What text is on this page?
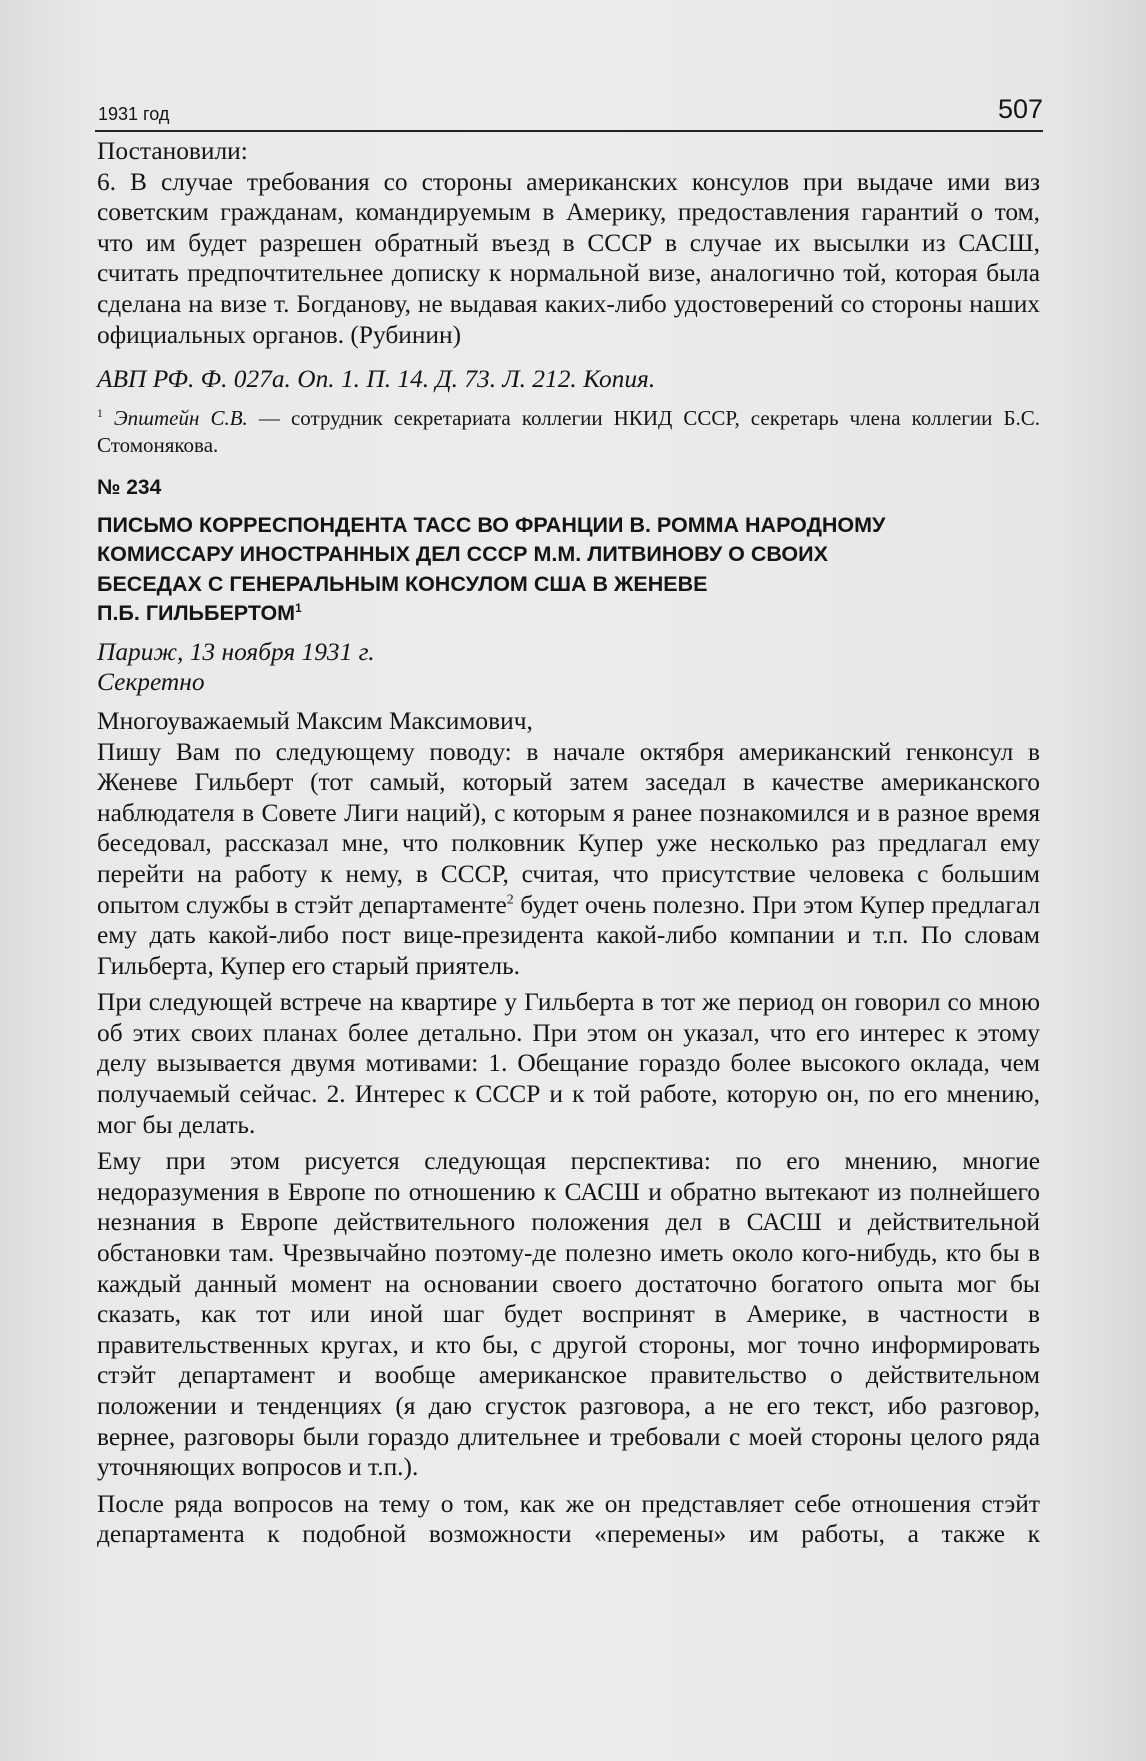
1931 год	507

Постановили:

6. В случае требования со стороны американских консулов при выдаче ими виз советским гражданам, командируемым в Америку, предоставления гарантий о том, что им будет разрешен обратный въезд в СССР в случае их высылки из САСШ, считать предпочтительнее дописку к нормальной визе, аналогично той, которая была сделана на визе т. Богданову, не выдавая каких-либо удостоверений со стороны наших официальных органов. (Рубинин)

АВП РФ. Ф. 027а. Оп. 1. П. 14. Д. 73. Л. 212. Копия.

$^1$ Эпштейн С.В. — сотрудник секретариата коллегии НКИД СССР, секретарь члена коллегии Б.С. Стомонякова.

№ 234
ПИСЬМО КОРРЕСПОНДЕНТА ТАСС ВО ФРАНЦИИ В. РОММА НАРОДНОМУ
КОМИССАРУ ИНОСТРАННЫХ ДЕЛ СССР М.М. ЛИТВИНОВУ О СВОИХ
БЕСЕДАХ С ГЕНЕРАЛЬНЫМ КОНСУЛОМ США В ЖЕНЕВЕ
П.Б. ГИЛЬБЕРТОМ$^1$

Париж, 13 ноября 1931 г.

Секретно

Многоуважаемый Максим Максимович,

Пишу Вам по следующему поводу: в начале октября американский генконсул в Женеве Гильберт (тот самый, который затем заседал в качестве американского наблюдателя в Совете Лиги наций), с которым я ранее познакомился и в разное время беседовал, рассказал мне, что полковник Купер уже несколько раз предлагал ему перейти на работу к нему, в СССР, считая, что присутствие человека с большим опытом службы в стэйт департаменте$^2$ будет очень полезно. При этом Купер предлагал ему дать какой-либо пост вице-президента какой-либо компании и т.п. По словам Гильберта, Купер его старый приятель.

При следующей встрече на квартире у Гильберта в тот же период он говорил со мною об этих своих планах более детально. При этом он указал, что его интерес к этому делу вызывается двумя мотивами: 1. Обещание гораздо более высокого оклада, чем получаемый сейчас. 2. Интерес к СССР и к той работе, которую он, по его мнению, мог бы делать.

Ему при этом рисуется следующая перспектива: по его мнению, многие недоразумения в Европе по отношению к САСШ и обратно вытекают из полнейшего незнания в Европе действительного положения дел в САСШ и действительной обстановки там. Чрезвычайно поэтому-де полезно иметь около кого-нибудь, кто бы в каждый данный момент на основании своего достаточно богатого опыта мог бы сказать, как тот или иной шаг будет воспринят в Америке, в частности в правительственных кругах, и кто бы, с другой стороны, мог точно информировать стэйт департамент и вообще американское правительство о действительном положении и тенденциях (я даю сгусток разговора, а не его текст, ибо разговор, вернее, разговоры были гораздо длительнее и требовали с моей стороны целого ряда уточняющих вопросов и т.п.).

После ряда вопросов на тему о том, как же он представляет себе отношения стэйт департамента к подобной возможности «перемены» им работы, а также к
